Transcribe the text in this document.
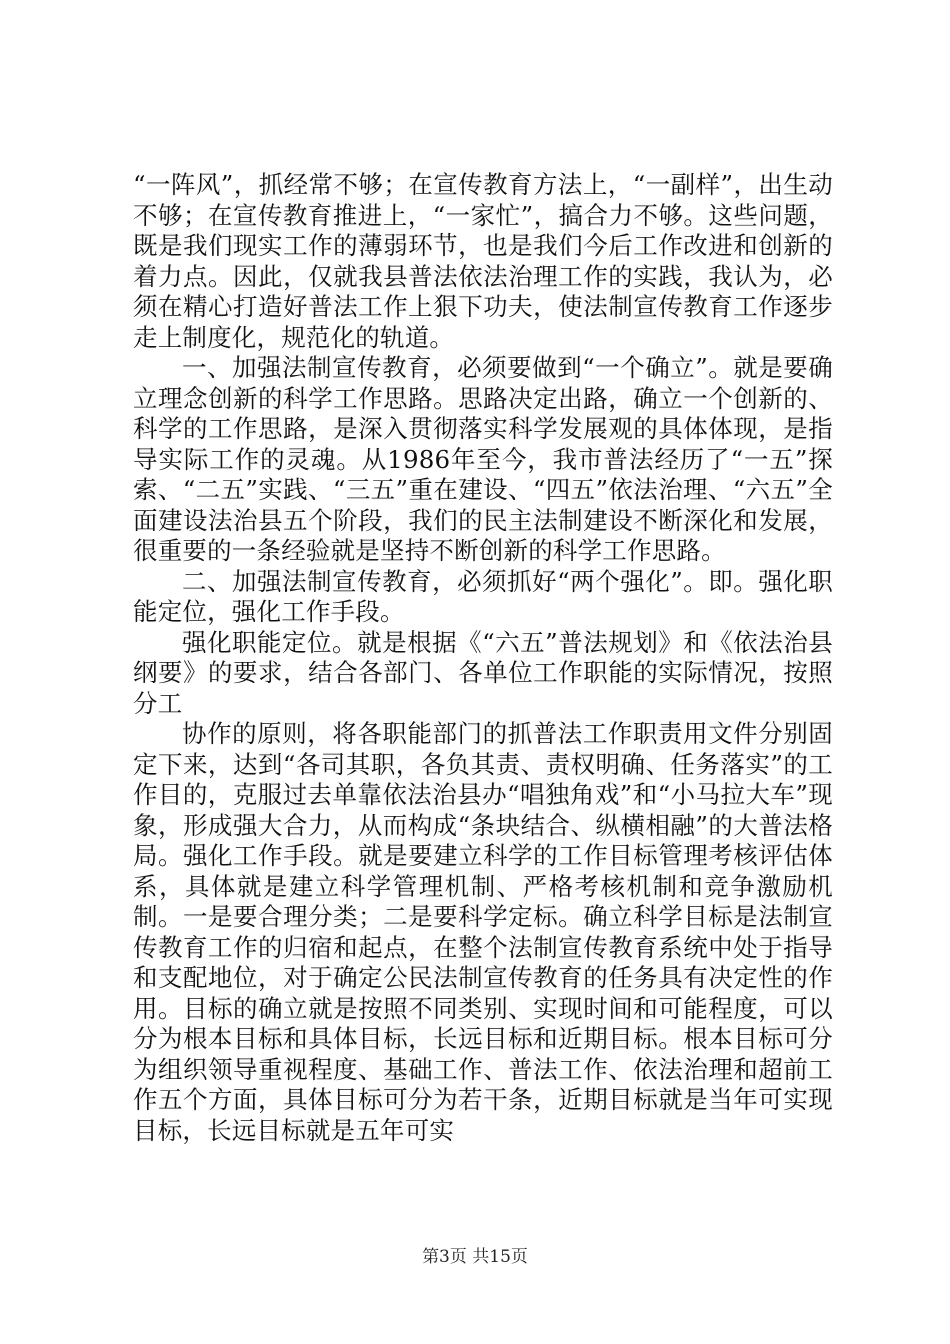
“一阵风”，抓经常不够；在宣传教育方法上，“一副样”，出生动不够；在宣传教育推进上，“一家忙”，搞合力不够。这些问题，既是我们现实工作的薄弱环节，也是我们今后工作改进和创新的着力点。因此，仅就我县普法依法治理工作的实践，我认为，必须在精心打造好普法工作上狠下功夫，使法制宣传教育工作逐步走上制度化，规范化的轨道。

一、加强法制宣传教育，必须要做到“一个确立”。就是要确立理念创新的科学工作思路。思路决定出路，确立一个创新的、科学的工作思路，是深入贯彻落实科学发展观的具体体现，是指导实际工作的灵魂。从1986年至今，我市普法经历了“一五”探索、“二五”实践、“三五”重在建设、“四五”依法治理、“六五”全面建设法治县五个阶段，我们的民主法制建设不断深化和发展，很重要的一条经验就是坚持不断创新的科学工作思路。

二、加强法制宣传教育，必须抓好“两个强化”。即。强化职能定位，强化工作手段。

强化职能定位。就是根据《“六五”普法规划》和《依法治县纲要》的要求，结合各部门、各单位工作职能的实际情况，按照分工

协作的原则，将各职能部门的抓普法工作职责用文件分别固定下来，达到“各司其职，各负其责、责权明确、任务落实”的工作目的，克服过去单靠依法治县办“唱独角戏”和“小马拉大车”现象，形成强大合力，从而构成“条块结合、纵横相融”的大普法格局。强化工作手段。就是要建立科学的工作目标管理考核评估体系，具体就是建立科学管理机制、严格考核机制和竞争激励机制。一是要合理分类；二是要科学定标。确立科学目标是法制宣传教育工作的归宿和起点，在整个法制宣传教育系统中处于指导和支配地位，对于确定公民法制宣传教育的任务具有决定性的作用。目标的确立就是按照不同类别、实现时间和可能程度，可以分为根本目标和具体目标，长远目标和近期目标。根本目标可分为组织领导重视程度、基础工作、普法工作、依法治理和超前工作五个方面，具体目标可分为若干条，近期目标就是当年可实现目标，长远目标就是五年可实

第3页 共15页
